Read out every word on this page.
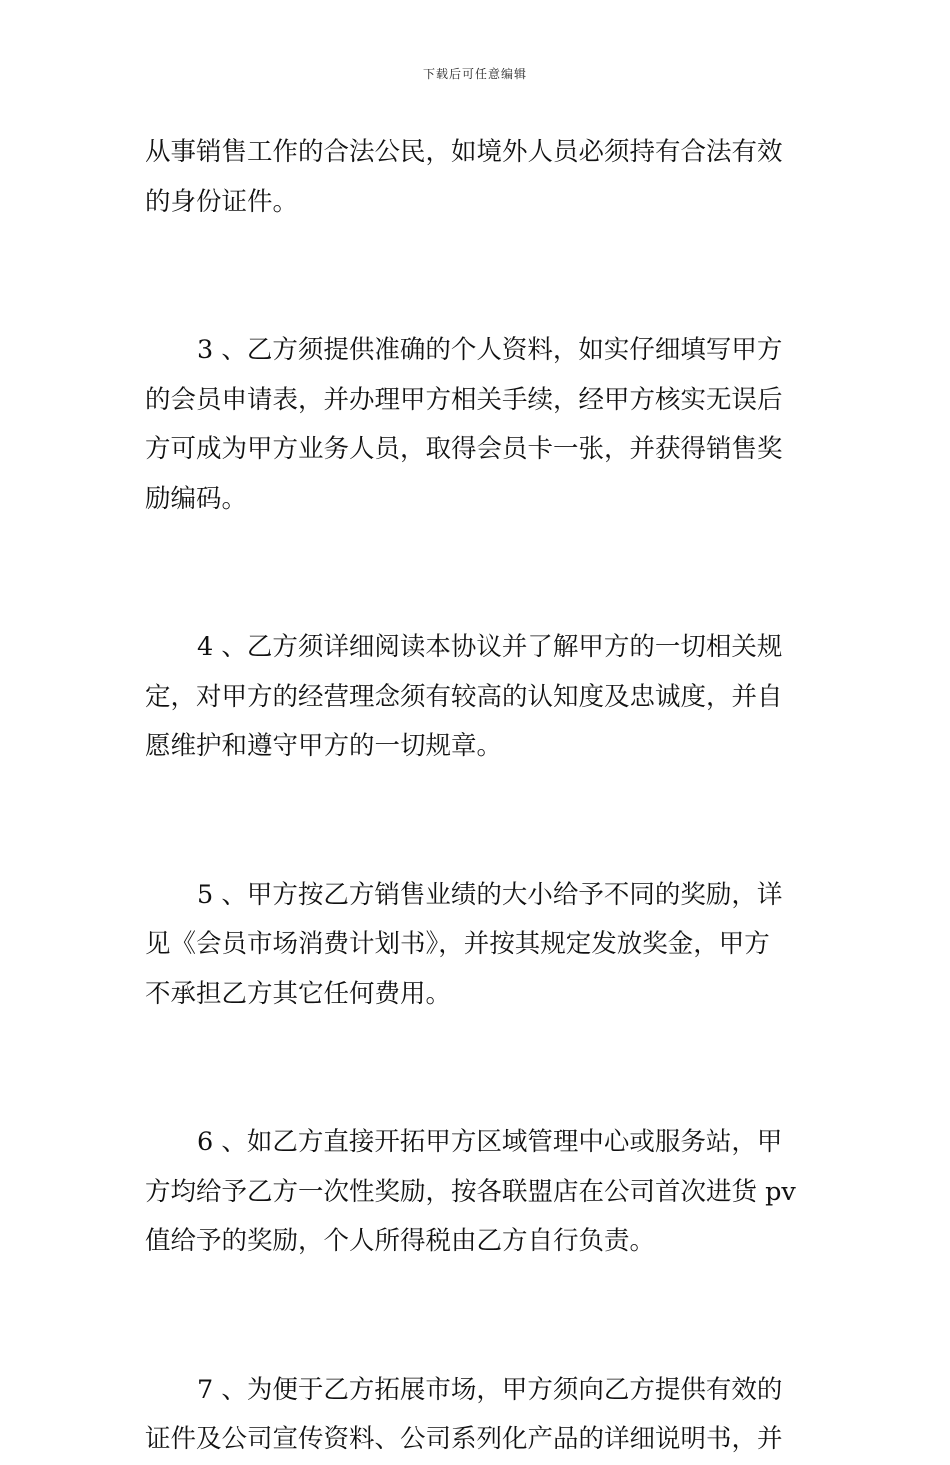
下载后可任意编辑
从事销售工作的合法公民，如境外人员必须持有合法有效
的身份证件。
3 、乙方须提供准确的个人资料，如实仔细填写甲方
的会员申请表，并办理甲方相关手续，经甲方核实无误后
方可成为甲方业务人员，取得会员卡一张，并获得销售奖
励编码。
4 、乙方须详细阅读本协议并了解甲方的一切相关规
定，对甲方的经营理念须有较高的认知度及忠诚度，并自
愿维护和遵守甲方的一切规章。
5 、甲方按乙方销售业绩的大小给予不同的奖励，详
见《会员市场消费计划书》，并按其规定发放奖金，甲方
不承担乙方其它任何费用。
6 、如乙方直接开拓甲方区域管理中心或服务站，甲
方均给予乙方一次性奖励，按各联盟店在公司首次进货 pv
值给予的奖励，个人所得税由乙方自行负责。
7 、为便于乙方拓展市场，甲方须向乙方提供有效的
证件及公司宣传资料、公司系列化产品的详细说明书，并
